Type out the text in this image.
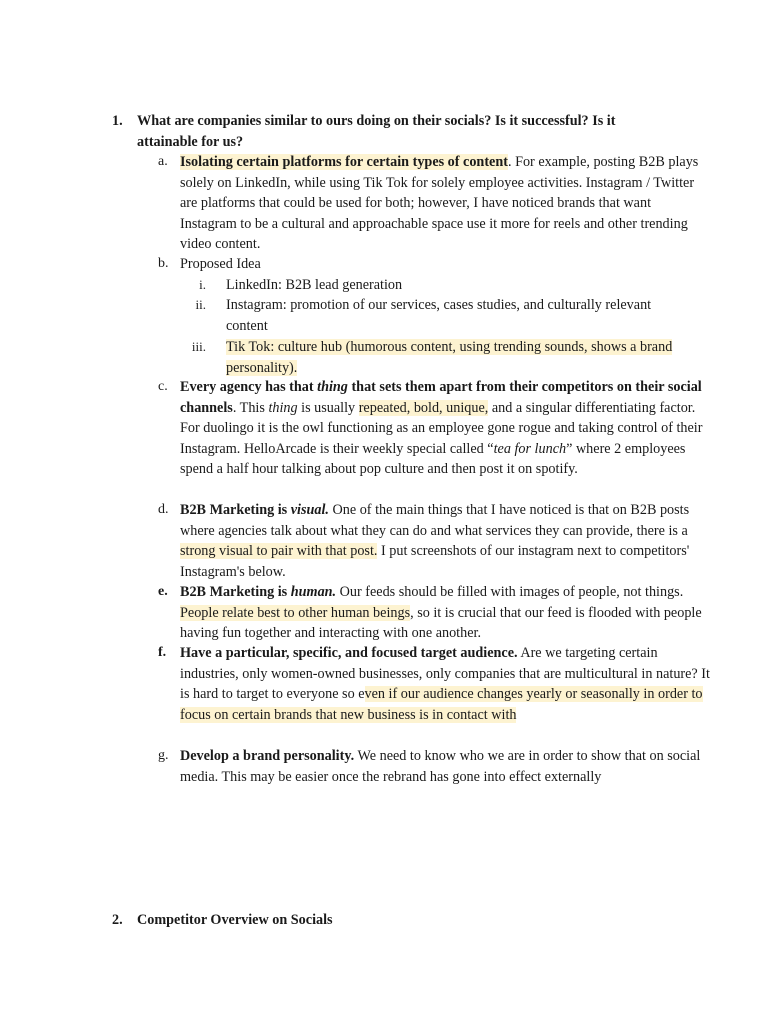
1. What are companies similar to ours doing on their socials? Is it successful? Is it attainable for us?
a. Isolating certain platforms for certain types of content. For example, posting B2B plays solely on LinkedIn, while using Tik Tok for solely employee activities. Instagram / Twitter are platforms that could be used for both; however, I have noticed brands that want Instagram to be a cultural and approachable space use it more for reels and other trending video content.
b. Proposed Idea
i. LinkedIn: B2B lead generation
ii. Instagram: promotion of our services, cases studies, and culturally relevant content
iii. Tik Tok: culture hub (humorous content, using trending sounds, shows a brand personality).
c. Every agency has that thing that sets them apart from their competitors on their social channels. This thing is usually repeated, bold, unique, and a singular differentiating factor. For duolingo it is the owl functioning as an employee gone rogue and taking control of their Instagram. HelloArcade is their weekly special called “tea for lunch” where 2 employees spend a half hour talking about pop culture and then post it on spotify.
d. B2B Marketing is visual. One of the main things that I have noticed is that on B2B posts where agencies talk about what they can do and what services they can provide, there is a strong visual to pair with that post. I put screenshots of our instagram next to competitors' Instagram's below.
e. B2B Marketing is human. Our feeds should be filled with images of people, not things. People relate best to other human beings, so it is crucial that our feed is flooded with people having fun together and interacting with one another.
f. Have a particular, specific, and focused target audience. Are we targeting certain industries, only women-owned businesses, only companies that are multicultural in nature? It is hard to target to everyone so even if our audience changes yearly or seasonally in order to focus on certain brands that new business is in contact with
g. Develop a brand personality. We need to know who we are in order to show that on social media. This may be easier once the rebrand has gone into effect externally
2. Competitor Overview on Socials
